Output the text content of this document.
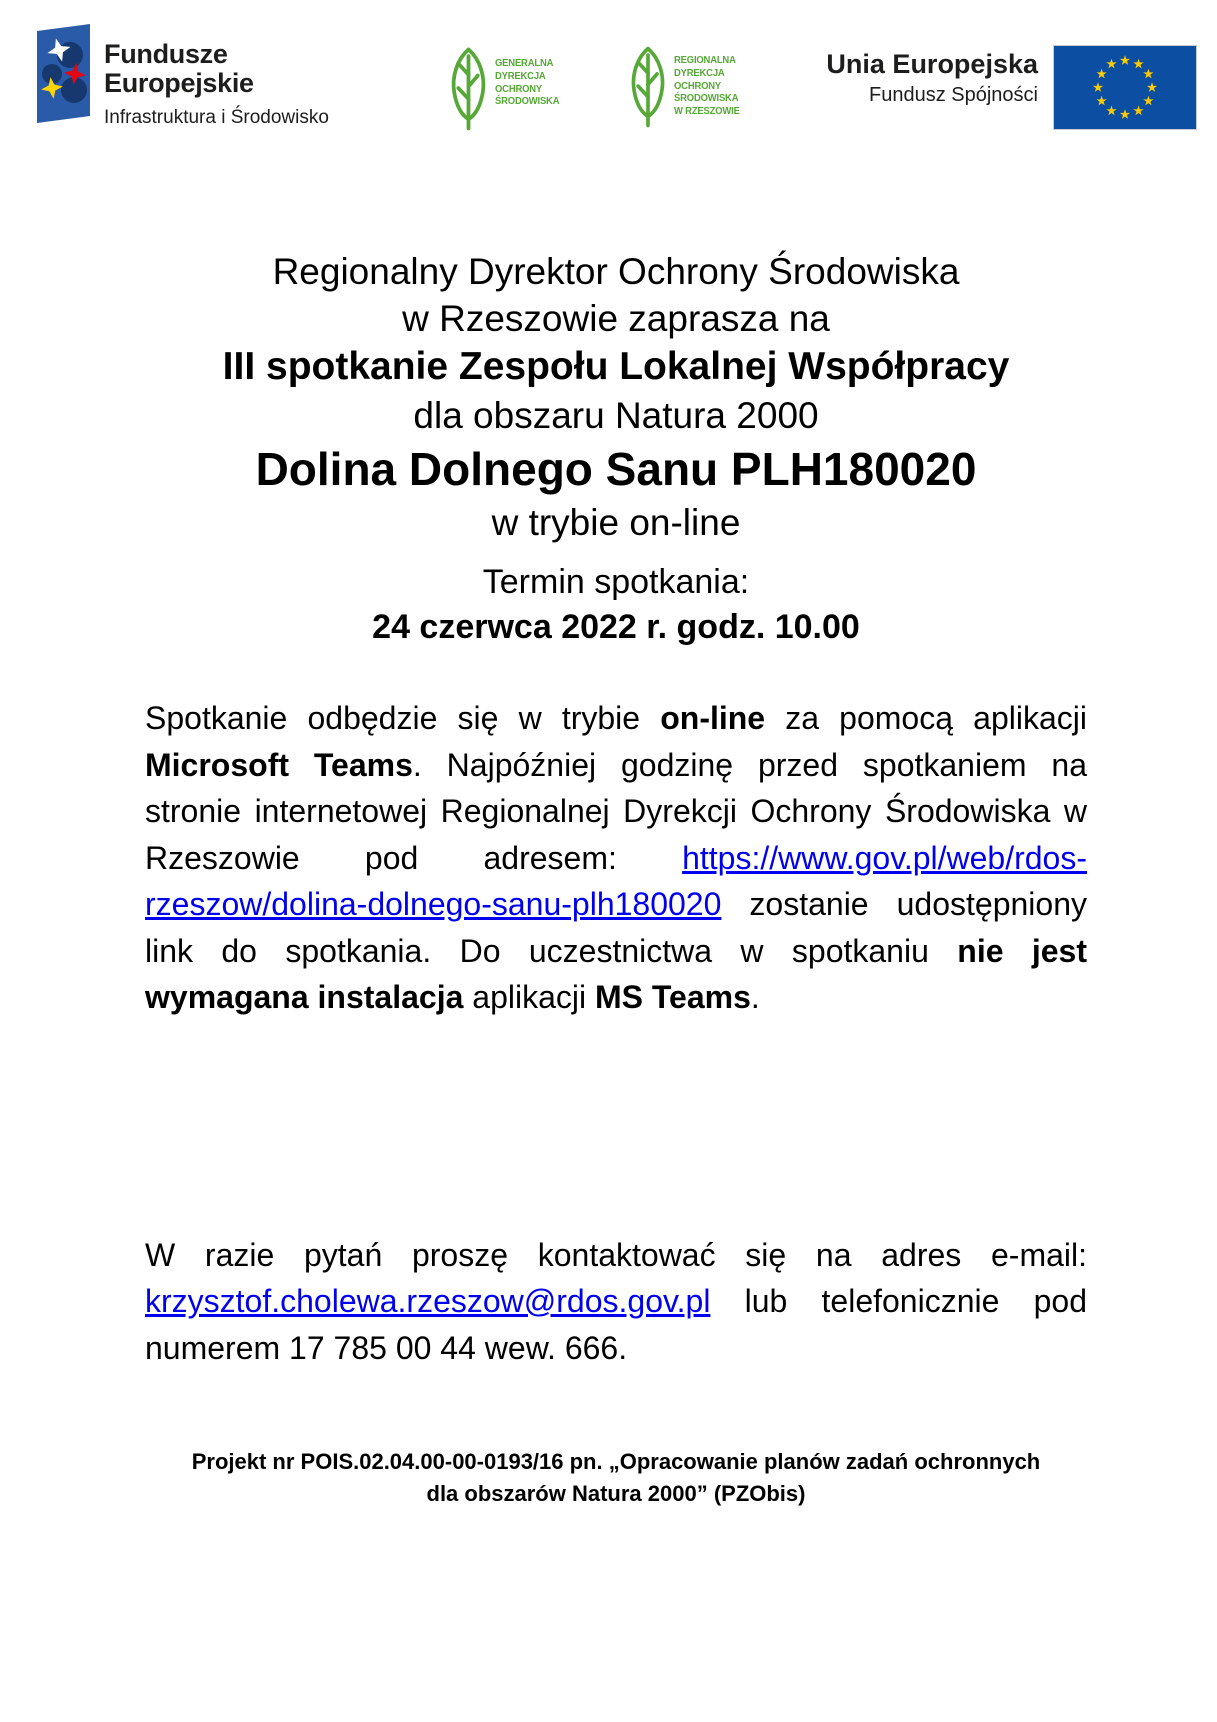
Fundusze
Europejskie
Infrastruktura i Środowisko
GENERALNA
DYREKCJA
OCHRONY
ŚRODOWISKA
REGIONALNA
DYREKCJA
OCHRONY
ŚRODOWISKA
W RZESZOWIE
Unia Europejska
Fundusz Spójności
Regionalny Dyrektor Ochrony Środowiska
w Rzeszowie zaprasza na
III spotkanie Zespołu Lokalnej Współpracy
dla obszaru Natura 2000
Dolina Dolnego Sanu PLH180020
w trybie on-line
Termin spotkania:
24 czerwca 2022 r. godz. 10.00

Spotkanie odbędzie się w trybie on-line za pomocą aplikacji Microsoft Teams. Najpóźniej godzinę przed spotkaniem na stronie internetowej Regionalnej Dyrekcji Ochrony Środowiska w Rzeszowie pod adresem: https://www.gov.pl/web/rdos-rzeszow/dolina-dolnego-sanu-plh180020 zostanie udostępniony link do spotkania. Do uczestnictwa w spotkaniu nie jest wymagana instalacja aplikacji MS Teams.

W razie pytań proszę kontaktować się na adres e-mail: krzysztof.cholewa.rzeszow@rdos.gov.pl lub telefonicznie pod numerem 17 785 00 44 wew. 666.

Projekt nr POIS.02.04.00-00-0193/16 pn. „Opracowanie planów zadań ochronnych dla obszarów Natura 2000” (PZObis)
